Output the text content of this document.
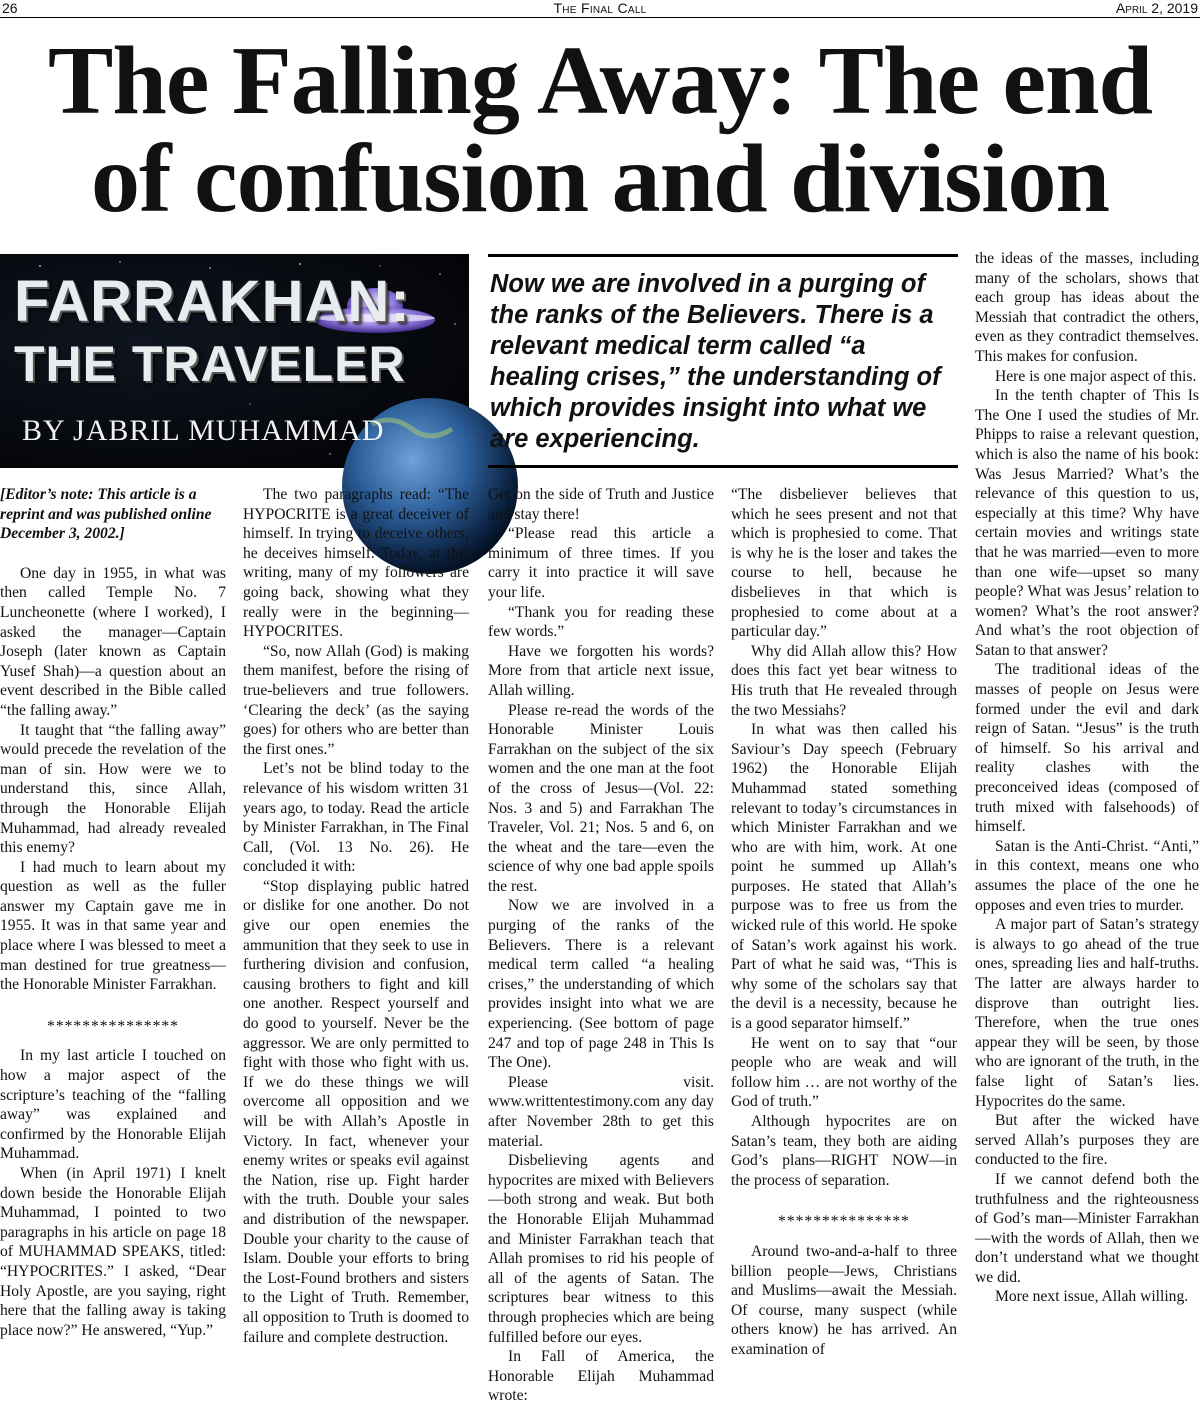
26	The Final Call	April 2, 2019
The Falling Away: The end
of confusion and division
FARRAKHAN:
THE TRAVELER
BY JABRIL MUHAMMAD
Now we are involved in a purging of the ranks of the Believers. There is a relevant medical term called “a healing crises,” the understanding of which provides insight into what we are experiencing.

[Editor’s note: This article is a reprint and was published online December 3, 2002.]

One day in 1955, in what was then called Temple No. 7 Luncheonette (where I worked), I asked the manager—Captain Joseph (later known as Captain Yusef Shah)—a question about an event described in the Bible called “the falling away.”

It taught that “the falling away” would precede the revelation of the man of sin. How were we to understand this, since Allah, through the Honorable Elijah Muhammad, had already revealed this enemy?

I had much to learn about my question as well as the fuller answer my Captain gave me in 1955. It was in that same year and place where I was blessed to meet a man destined for true greatness—the Honorable Minister Farrakhan.

***************

In my last article I touched on how a major aspect of the scripture’s teaching of the “falling away” was explained and confirmed by the Honorable Elijah Muhammad.

When (in April 1971) I knelt down beside the Honorable Elijah Muhammad, I pointed to two paragraphs in his article on page 18 of MUHAMMAD SPEAKS, titled: “HYPOCRITES.” I asked, “Dear Holy Apostle, are you saying, right here that the falling away is taking place now?” He answered, “Yup.”

The two paragraphs read: “The HYPOCRITE is a great deceiver of himself. In trying to deceive others, he deceives himself. Today, at this writing, many of my followers are going back, showing what they really were in the beginning—HYPOCRITES.

“So, now Allah (God) is making them manifest, before the rising of true-believers and true followers. ‘Clearing the deck’ (as the saying goes) for others who are better than the first ones.”

Let’s not be blind today to the relevance of his wisdom written 31 years ago, to today. Read the article by Minister Farrakhan, in The Final Call, (Vol. 13 No. 26). He concluded it with:

“Stop displaying public hatred or dislike for one another. Do not give our open enemies the ammunition that they seek to use in furthering division and confusion, causing brothers to fight and kill one another. Respect yourself and do good to yourself. Never be the aggressor. We are only permitted to fight with those who fight with us. If we do these things we will overcome all opposition and we will be with Allah’s Apostle in Victory. In fact, whenever your enemy writes or speaks evil against the Nation, rise up. Fight harder with the truth. Double your sales and distribution of the newspaper. Double your charity to the cause of Islam. Double your efforts to bring the Lost-Found brothers and sisters to the Light of Truth. Remember, all opposition to Truth is doomed to failure and complete destruction.

Get on the side of Truth and Justice and stay there!

“Please read this article a minimum of three times. If you carry it into practice it will save your life.

“Thank you for reading these few words.”

Have we forgotten his words? More from that article next issue, Allah willing.

Please re-read the words of the Honorable Minister Louis Farrakhan on the subject of the six women and the one man at the foot of the cross of Jesus—(Vol. 22: Nos. 3 and 5) and Farrakhan The Traveler, Vol. 21; Nos. 5 and 6, on the wheat and the tare—even the science of why one bad apple spoils the rest.

Now we are involved in a purging of the ranks of the Believers. There is a relevant medical term called “a healing crises,” the understanding of which provides insight into what we are experiencing. (See bottom of page 247 and top of page 248 in This Is The One).

Please visit. www.writtentestimony.com any day after November 28th to get this material.

Disbelieving agents and hypocrites are mixed with Believers—both strong and weak. But both the Honorable Elijah Muhammad and Minister Farrakhan teach that Allah promises to rid his people of all of the agents of Satan. The scriptures bear witness to this through prophecies which are being fulfilled before our eyes.

In Fall of America, the Honorable Elijah Muhammad wrote:

“The disbeliever believes that which he sees present and not that which is prophesied to come. That is why he is the loser and takes the course to hell, because he disbelieves in that which is prophesied to come about at a particular day.”

Why did Allah allow this? How does this fact yet bear witness to His truth that He revealed through the two Messiahs?

In what was then called his Saviour’s Day speech (February 1962) the Honorable Elijah Muhammad stated something relevant to today’s circumstances in which Minister Farrakhan and we who are with him, work. At one point he summed up Allah’s purposes. He stated that Allah’s purpose was to free us from the wicked rule of this world. He spoke of Satan’s work against his work. Part of what he said was, “This is why some of the scholars say that the devil is a necessity, because he is a good separator himself.”

He went on to say that “our people who are weak and will follow him … are not worthy of the God of truth.”

Although hypocrites are on Satan’s team, they both are aiding God’s plans—RIGHT NOW—in the process of separation.

***************

Around two-and-a-half to three billion people—Jews, Christians and Muslims—await the Messiah. Of course, many suspect (while others know) he has arrived. An examination of

the ideas of the masses, including many of the scholars, shows that each group has ideas about the Messiah that contradict the others, even as they contradict themselves. This makes for confusion.

Here is one major aspect of this.

In the tenth chapter of This Is The One I used the studies of Mr. Phipps to raise a relevant question, which is also the name of his book: Was Jesus Married? What’s the relevance of this question to us, especially at this time? Why have certain movies and writings state that he was married—even to more than one wife—upset so many people? What was Jesus’ relation to women? What’s the root answer? And what’s the root objection of Satan to that answer?

The traditional ideas of the masses of people on Jesus were formed under the evil and dark reign of Satan. “Jesus” is the truth of himself. So his arrival and reality clashes with the preconceived ideas (composed of truth mixed with falsehoods) of himself.

Satan is the Anti-Christ. “Anti,” in this context, means one who assumes the place of the one he opposes and even tries to murder.

A major part of Satan’s strategy is always to go ahead of the true ones, spreading lies and half-truths. The latter are always harder to disprove than outright lies. Therefore, when the true ones appear they will be seen, by those who are ignorant of the truth, in the false light of Satan’s lies. Hypocrites do the same.

But after the wicked have served Allah’s purposes they are conducted to the fire.

If we cannot defend both the truthfulness and the righteousness of God’s man—Minister Farrakhan—with the words of Allah, then we don’t understand what we thought we did.

More next issue, Allah willing.
